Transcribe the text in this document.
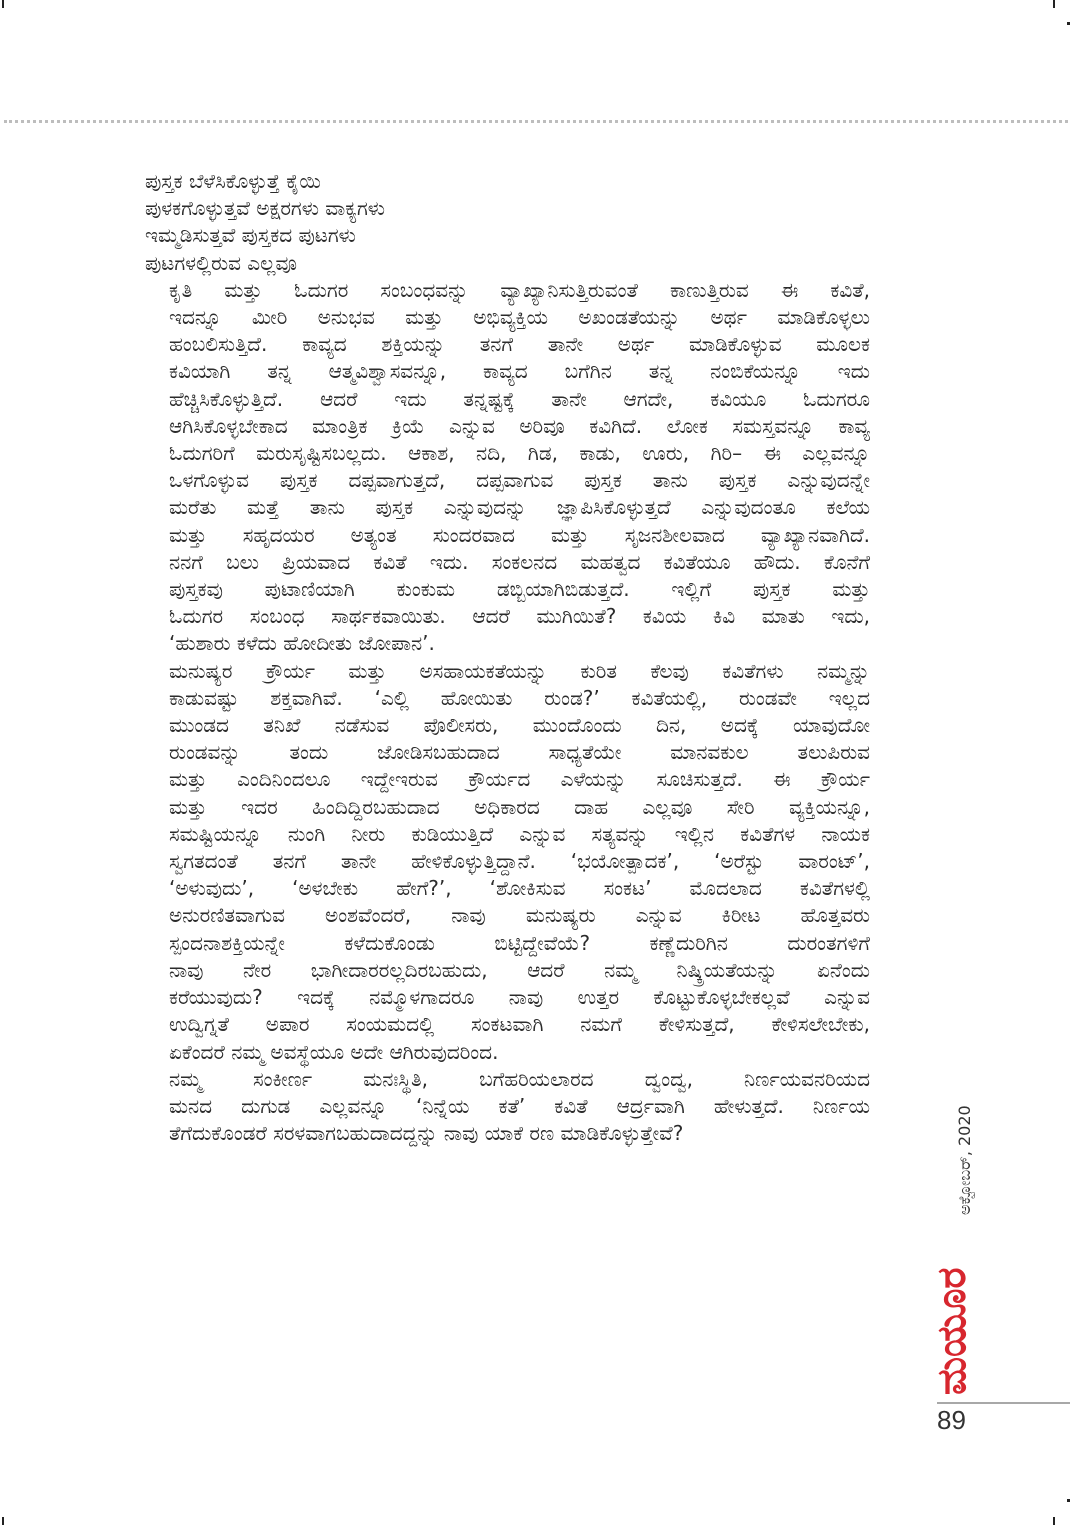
ಪುಸ್ತಕ ಬೆಳೆಸಿಕೊಳ್ಳುತ್ತೆ ಕೈಯಿ

ಪುಳಕಗೊಳ್ಳುತ್ತವೆ ಅಕ್ಷರಗಳು ವಾಕ್ಯಗಳು

ಇಮ್ಮಡಿಸುತ್ತವೆ ಪುಸ್ತಕದ ಪುಟಗಳು

ಪುಟಗಳಲ್ಲಿರುವ ಎಲ್ಲವೂ

ಕೃತಿ ಮತ್ತು ಓದುಗರ ಸಂಬಂಧವನ್ನು ವ್ಯಾಖ್ಯಾನಿಸುತ್ತಿರುವಂತೆ ಕಾಣುತ್ತಿರುವ ಈ ಕವಿತೆ,
ಇದನ್ನೂ ಮೀರಿ ಅನುಭವ ಮತ್ತು ಅಭಿವ್ಯಕ್ತಿಯ ಅಖಂಡತೆಯನ್ನು ಅರ್ಥ ಮಾಡಿಕೊಳ್ಳಲು
ಹಂಬಲಿಸುತ್ತಿದೆ. ಕಾವ್ಯದ ಶಕ್ತಿಯನ್ನು ತನಗೆ ತಾನೇ ಅರ್ಥ ಮಾಡಿಕೊಳ್ಳುವ ಮೂಲಕ
ಕವಿಯಾಗಿ ತನ್ನ ಆತ್ಮವಿಶ್ವಾಸವನ್ನೂ, ಕಾವ್ಯದ ಬಗೆಗಿನ ತನ್ನ ನಂಬಿಕೆಯನ್ನೂ ಇದು
ಹೆಚ್ಚಿಸಿಕೊಳ್ಳುತ್ತಿದೆ. ಆದರೆ ಇದು ತನ್ನಷ್ಟಕ್ಕೆ ತಾನೇ ಆಗದೇ, ಕವಿಯೂ ಓದುಗರೂ
ಆಗಿಸಿಕೊಳ್ಳಬೇಕಾದ ಮಾಂತ್ರಿಕ ಕ್ರಿಯೆ ಎನ್ನುವ ಅರಿವೂ ಕವಿಗಿದೆ. ಲೋಕ ಸಮಸ್ತವನ್ನೂ ಕಾವ್ಯ
ಓದುಗರಿಗೆ ಮರುಸೃಷ್ಟಿಸಬಲ್ಲದು. ಆಕಾಶ, ನದಿ, ಗಿಡ, ಕಾಡು, ಊರು, ಗಿರಿ– ಈ ಎಲ್ಲವನ್ನೂ
ಒಳಗೊಳ್ಳುವ ಪುಸ್ತಕ ದಪ್ಪವಾಗುತ್ತದೆ, ದಪ್ಪವಾಗುವ ಪುಸ್ತಕ ತಾನು ಪುಸ್ತಕ ಎನ್ನುವುದನ್ನೇ
ಮರೆತು ಮತ್ತೆ ತಾನು ಪುಸ್ತಕ ಎನ್ನುವುದನ್ನು ಜ್ಞಾಪಿಸಿಕೊಳ್ಳುತ್ತದೆ ಎನ್ನುವುದಂತೂ ಕಲೆಯ
ಮತ್ತು ಸಹೃದಯರ ಅತ್ಯಂತ ಸುಂದರವಾದ ಮತ್ತು ಸೃಜನಶೀಲವಾದ ವ್ಯಾಖ್ಯಾನವಾಗಿದೆ.
ನನಗೆ ಬಲು ಪ್ರಿಯವಾದ ಕವಿತೆ ಇದು. ಸಂಕಲನದ ಮಹತ್ವದ ಕವಿತೆಯೂ ಹೌದು. ಕೊನೆಗೆ
ಪುಸ್ತಕವು ಪುಟಾಣಿಯಾಗಿ ಕುಂಕುಮ ಡಬ್ಬಿಯಾಗಿಬಿಡುತ್ತದೆ. ಇಲ್ಲಿಗೆ ಪುಸ್ತಕ ಮತ್ತು
ಓದುಗರ ಸಂಬಂಧ ಸಾರ್ಥಕವಾಯಿತು. ಆದರೆ ಮುಗಿಯಿತೆ? ಕವಿಯ ಕಿವಿ ಮಾತು ಇದು,
‘ಹುಶಾರು ಕಳೆದು ಹೋದೀತು ಜೋಪಾನ’.

ಮನುಷ್ಯರ ಕ್ರೌರ್ಯ ಮತ್ತು ಅಸಹಾಯಕತೆಯನ್ನು ಕುರಿತ ಕೆಲವು ಕವಿತೆಗಳು ನಮ್ಮನ್ನು
ಕಾಡುವಷ್ಟು ಶಕ್ತವಾಗಿವೆ. ‘ಎಲ್ಲಿ ಹೋಯಿತು ರುಂಡ?’ ಕವಿತೆಯಲ್ಲಿ, ರುಂಡವೇ ಇಲ್ಲದ
ಮುಂಡದ ತನಿಖೆ ನಡೆಸುವ ಪೊಲೀಸರು, ಮುಂದೊಂದು ದಿನ, ಅದಕ್ಕೆ ಯಾವುದೋ
ರುಂಡವನ್ನು ತಂದು ಜೋಡಿಸಬಹುದಾದ ಸಾಧ್ಯತೆಯೇ ಮಾನವಕುಲ ತಲುಪಿರುವ
ಮತ್ತು ಎಂದಿನಿಂದಲೂ ಇದ್ದೇಇರುವ ಕ್ರೌರ್ಯದ ಎಳೆಯನ್ನು ಸೂಚಿಸುತ್ತದೆ. ಈ ಕ್ರೌರ್ಯ
ಮತ್ತು ಇದರ ಹಿಂದಿದ್ದಿರಬಹುದಾದ ಅಧಿಕಾರದ ದಾಹ ಎಲ್ಲವೂ ಸೇರಿ ವ್ಯಕ್ತಿಯನ್ನೂ,
ಸಮಷ್ಟಿಯನ್ನೂ ನುಂಗಿ ನೀರು ಕುಡಿಯುತ್ತಿದೆ ಎನ್ನುವ ಸತ್ಯವನ್ನು ಇಲ್ಲಿನ ಕವಿತೆಗಳ ನಾಯಕ
ಸ್ವಗತದಂತೆ ತನಗೆ ತಾನೇ ಹೇಳಿಕೊಳ್ಳುತ್ತಿದ್ದಾನೆ. ‘ಭಯೋತ್ಪಾದಕ’, ‘ಅರೆಸ್ಟು ವಾರಂಟ್’,
‘ಅಳುವುದು’, ‘ಅಳಬೇಕು ಹೇಗೆ?’, ‘ಶೋಕಿಸುವ ಸಂಕಟ’ ಮೊದಲಾದ ಕವಿತೆಗಳಲ್ಲಿ
ಅನುರಣಿತವಾಗುವ ಅಂಶವೆಂದರೆ, ನಾವು ಮನುಷ್ಯರು ಎನ್ನುವ ಕಿರೀಟ ಹೊತ್ತವರು
ಸ್ಪಂದನಾಶಕ್ತಿಯನ್ನೇ ಕಳೆದುಕೊಂಡು ಬಿಟ್ಟಿದ್ದೇವೆಯೆ? ಕಣ್ಣೆದುರಿಗಿನ ದುರಂತಗಳಿಗೆ
ನಾವು ನೇರ ಭಾಗೀದಾರರಲ್ಲದಿರಬಹುದು, ಆದರೆ ನಮ್ಮ ನಿಷ್ಕ್ರಿಯತೆಯನ್ನು ಏನೆಂದು
ಕರೆಯುವುದು? ಇದಕ್ಕೆ ನಮ್ಮೊಳಗಾದರೂ ನಾವು ಉತ್ತರ ಕೊಟ್ಟುಕೊಳ್ಳಬೇಕಲ್ಲವೆ ಎನ್ನುವ
ಉದ್ವಿಗ್ನತೆ ಅಪಾರ ಸಂಯಮದಲ್ಲಿ ಸಂಕಟವಾಗಿ ನಮಗೆ ಕೇಳಿಸುತ್ತದೆ, ಕೇಳಿಸಲೇಬೇಕು,
ಏಕೆಂದರೆ ನಮ್ಮ ಅವಸ್ಥೆಯೂ ಅದೇ ಆಗಿರುವುದರಿಂದ.

ನಮ್ಮ ಸಂಕೀರ್ಣ ಮನಃಸ್ಥಿತಿ, ಬಗೆಹರಿಯಲಾರದ ದ್ವಂದ್ವ, ನಿರ್ಣಯವನರಿಯದ
ಮನದ ದುಗುಡ ಎಲ್ಲವನ್ನೂ ‘ನಿನ್ನೆಯ ಕತೆ’ ಕವಿತೆ ಆರ್ದ್ರವಾಗಿ ಹೇಳುತ್ತದೆ. ನಿರ್ಣಯ
ತೆಗೆದುಕೊಂಡರೆ ಸರಳವಾಗಬಹುದಾದದ್ದನ್ನು ನಾವು ಯಾಕೆ ರಣ ಮಾಡಿಕೊಳ್ಳುತ್ತೇವೆ?	ಅಕ್ಟೋಬರ್, 2020
ಮಯೂರ
89
